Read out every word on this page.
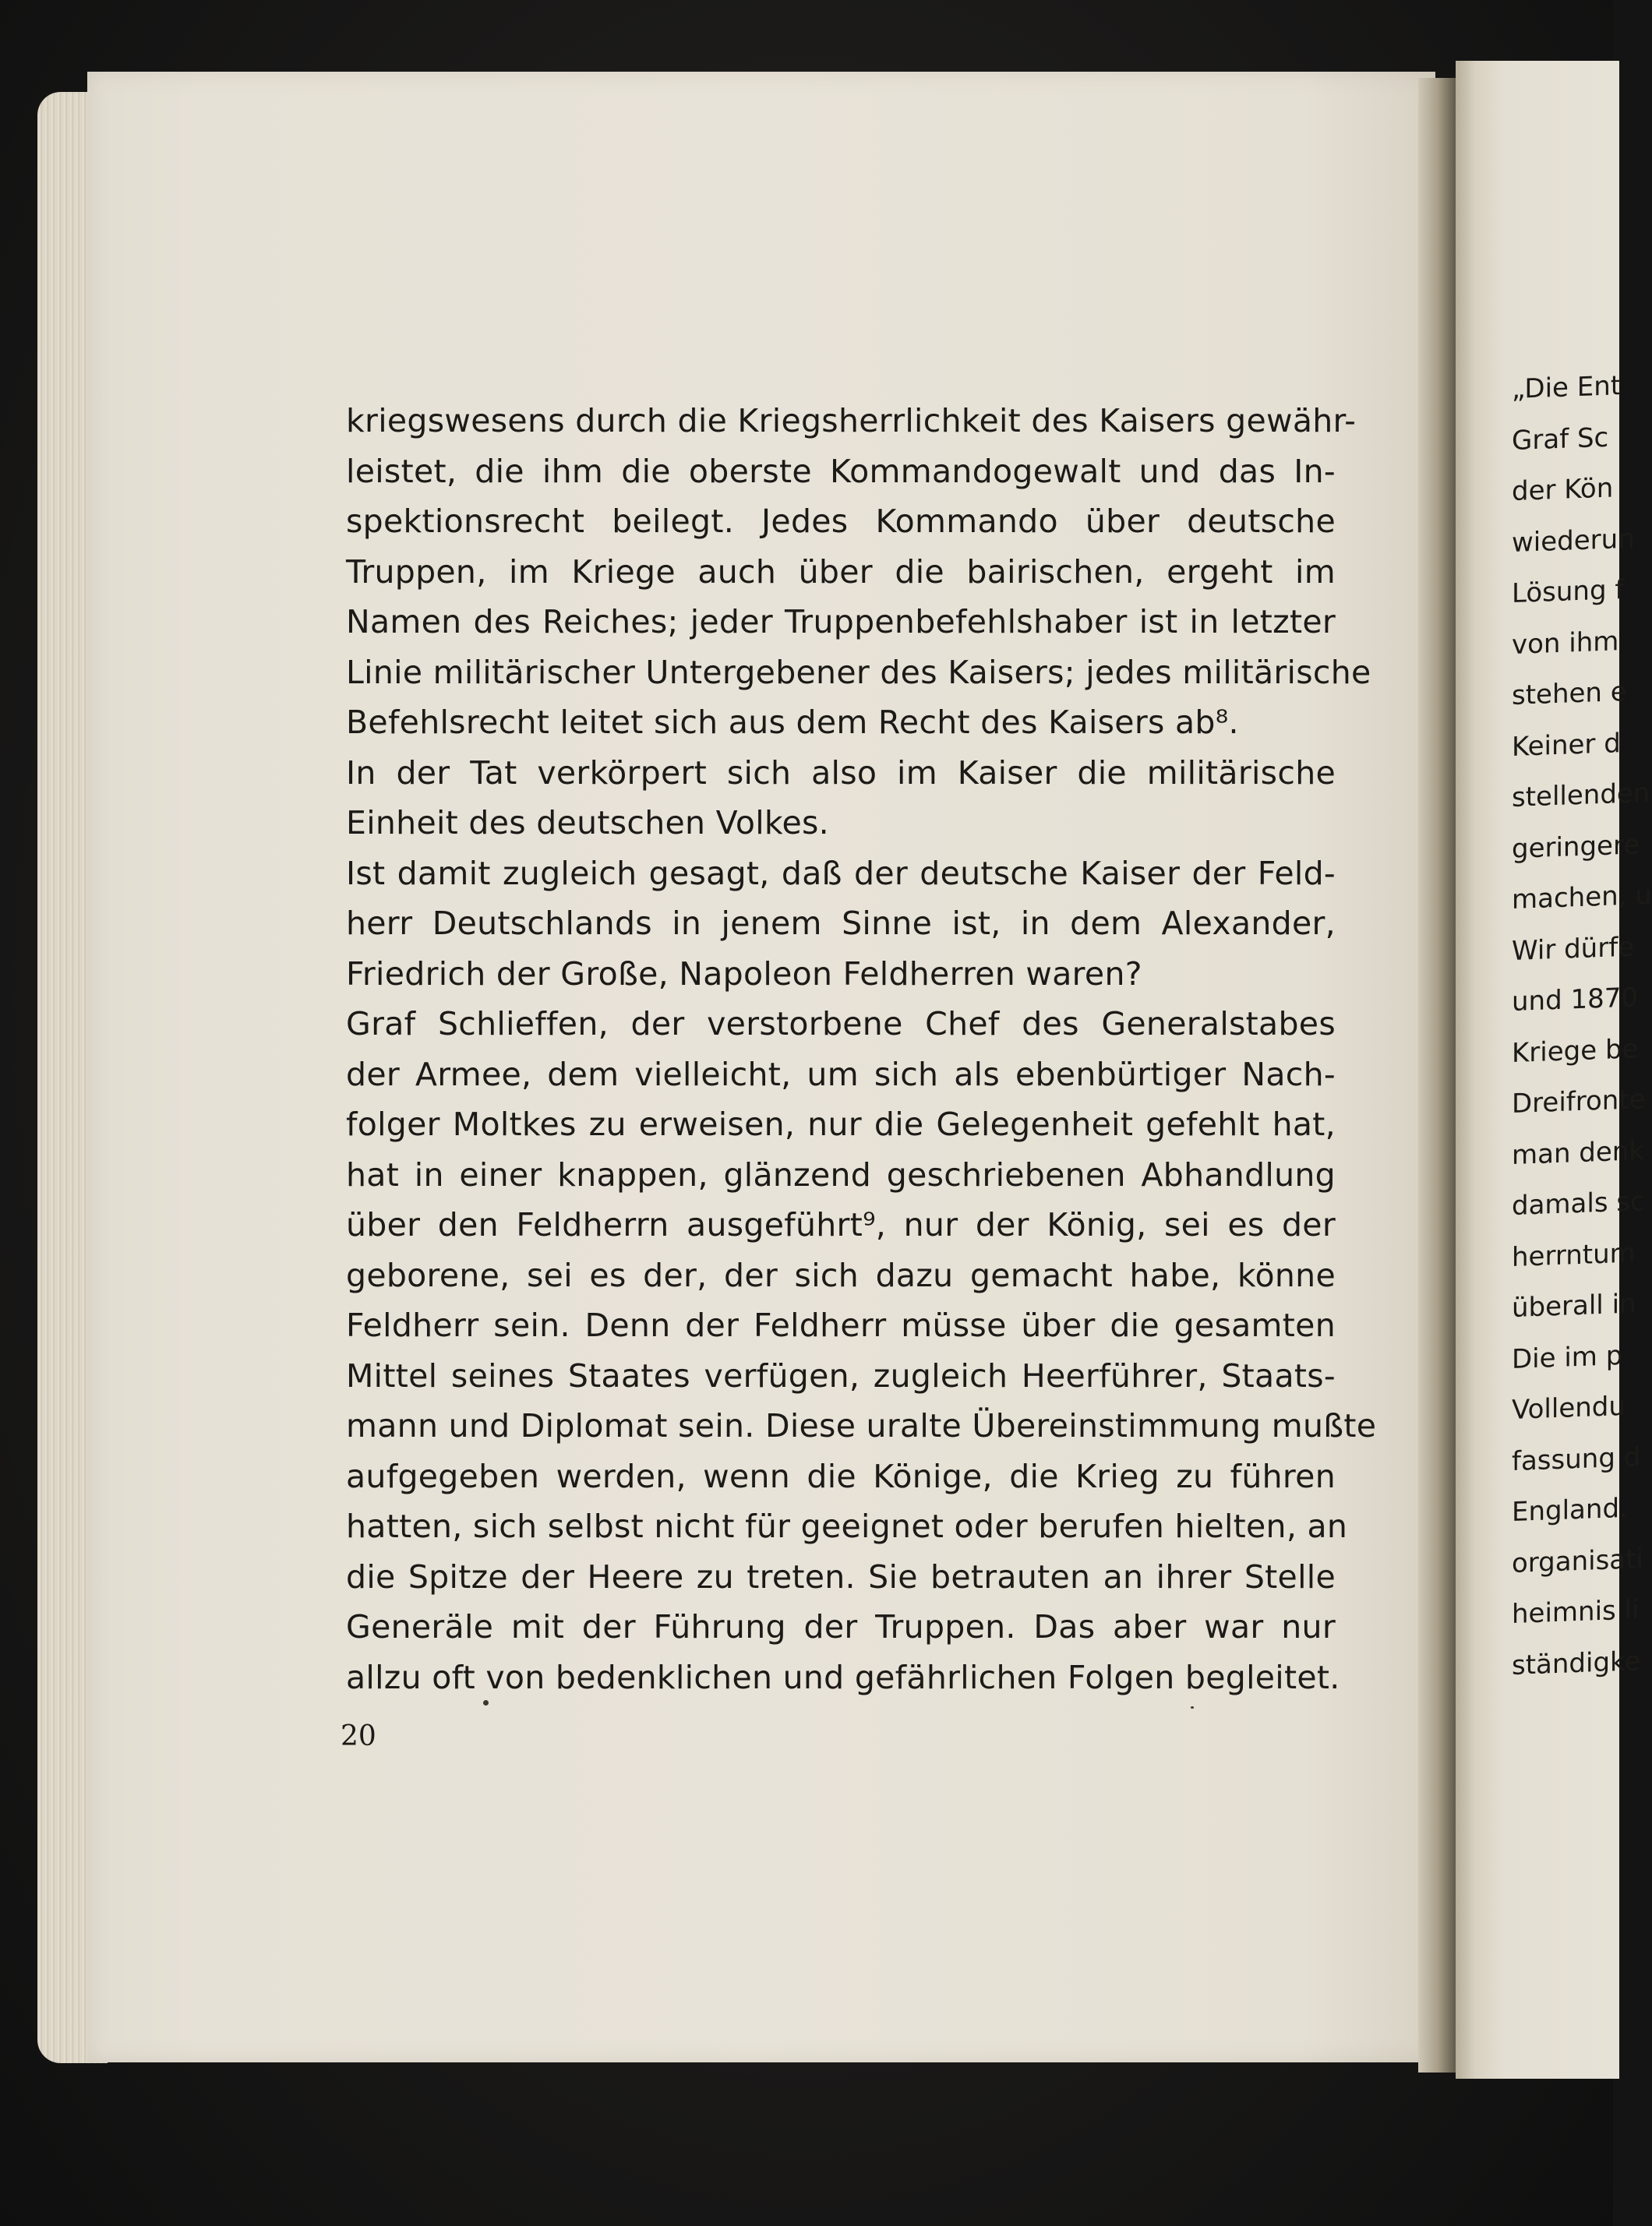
kriegswesens durch die Kriegsherrlichkeit des Kaisers gewähr-
leistet, die ihm die oberste Kommandogewalt und das In-
spektionsrecht beilegt. Jedes Kommando über deutsche
Truppen, im Kriege auch über die bairischen, ergeht im
Namen des Reiches; jeder Truppenbefehlshaber ist in letzter
Linie militärischer Untergebener des Kaisers; jedes militärische
Befehlsrecht leitet sich aus dem Recht des Kaisers ab⁸.
In der Tat verkörpert sich also im Kaiser die militärische
Einheit des deutschen Volkes.
Ist damit zugleich gesagt, daß der deutsche Kaiser der Feld-
herr Deutschlands in jenem Sinne ist, in dem Alexander,
Friedrich der Große, Napoleon Feldherren waren?
Graf Schlieffen, der verstorbene Chef des Generalstabes
der Armee, dem vielleicht, um sich als ebenbürtiger Nach-
folger Moltkes zu erweisen, nur die Gelegenheit gefehlt hat,
hat in einer knappen, glänzend geschriebenen Abhandlung
über den Feldherrn ausgeführt⁹, nur der König, sei es der
geborene, sei es der, der sich dazu gemacht habe, könne
Feldherr sein. Denn der Feldherr müsse über die gesamten
Mittel seines Staates verfügen, zugleich Heerführer, Staats-
mann und Diplomat sein. Diese uralte Übereinstimmung mußte
aufgegeben werden, wenn die Könige, die Krieg zu führen
hatten, sich selbst nicht für geeignet oder berufen hielten, an
die Spitze der Heere zu treten. Sie betrauten an ihrer Stelle
Generäle mit der Führung der Truppen. Das aber war nur
allzu oft von bedenklichen und gefährlichen Folgen begleitet.
20
„Die Ent
Graf Sc
der Kön
wiederun
Lösung f
von ihm
stehen e
Keiner d
stellenden
geringere
machen, u
Wir dürfe
und 1870
Kriege be
Dreifronte
man denk
damals sc
herrntum
überall in
Die im p
Vollendu
fassung d
England.
organisati
heimnis li
ständigke
